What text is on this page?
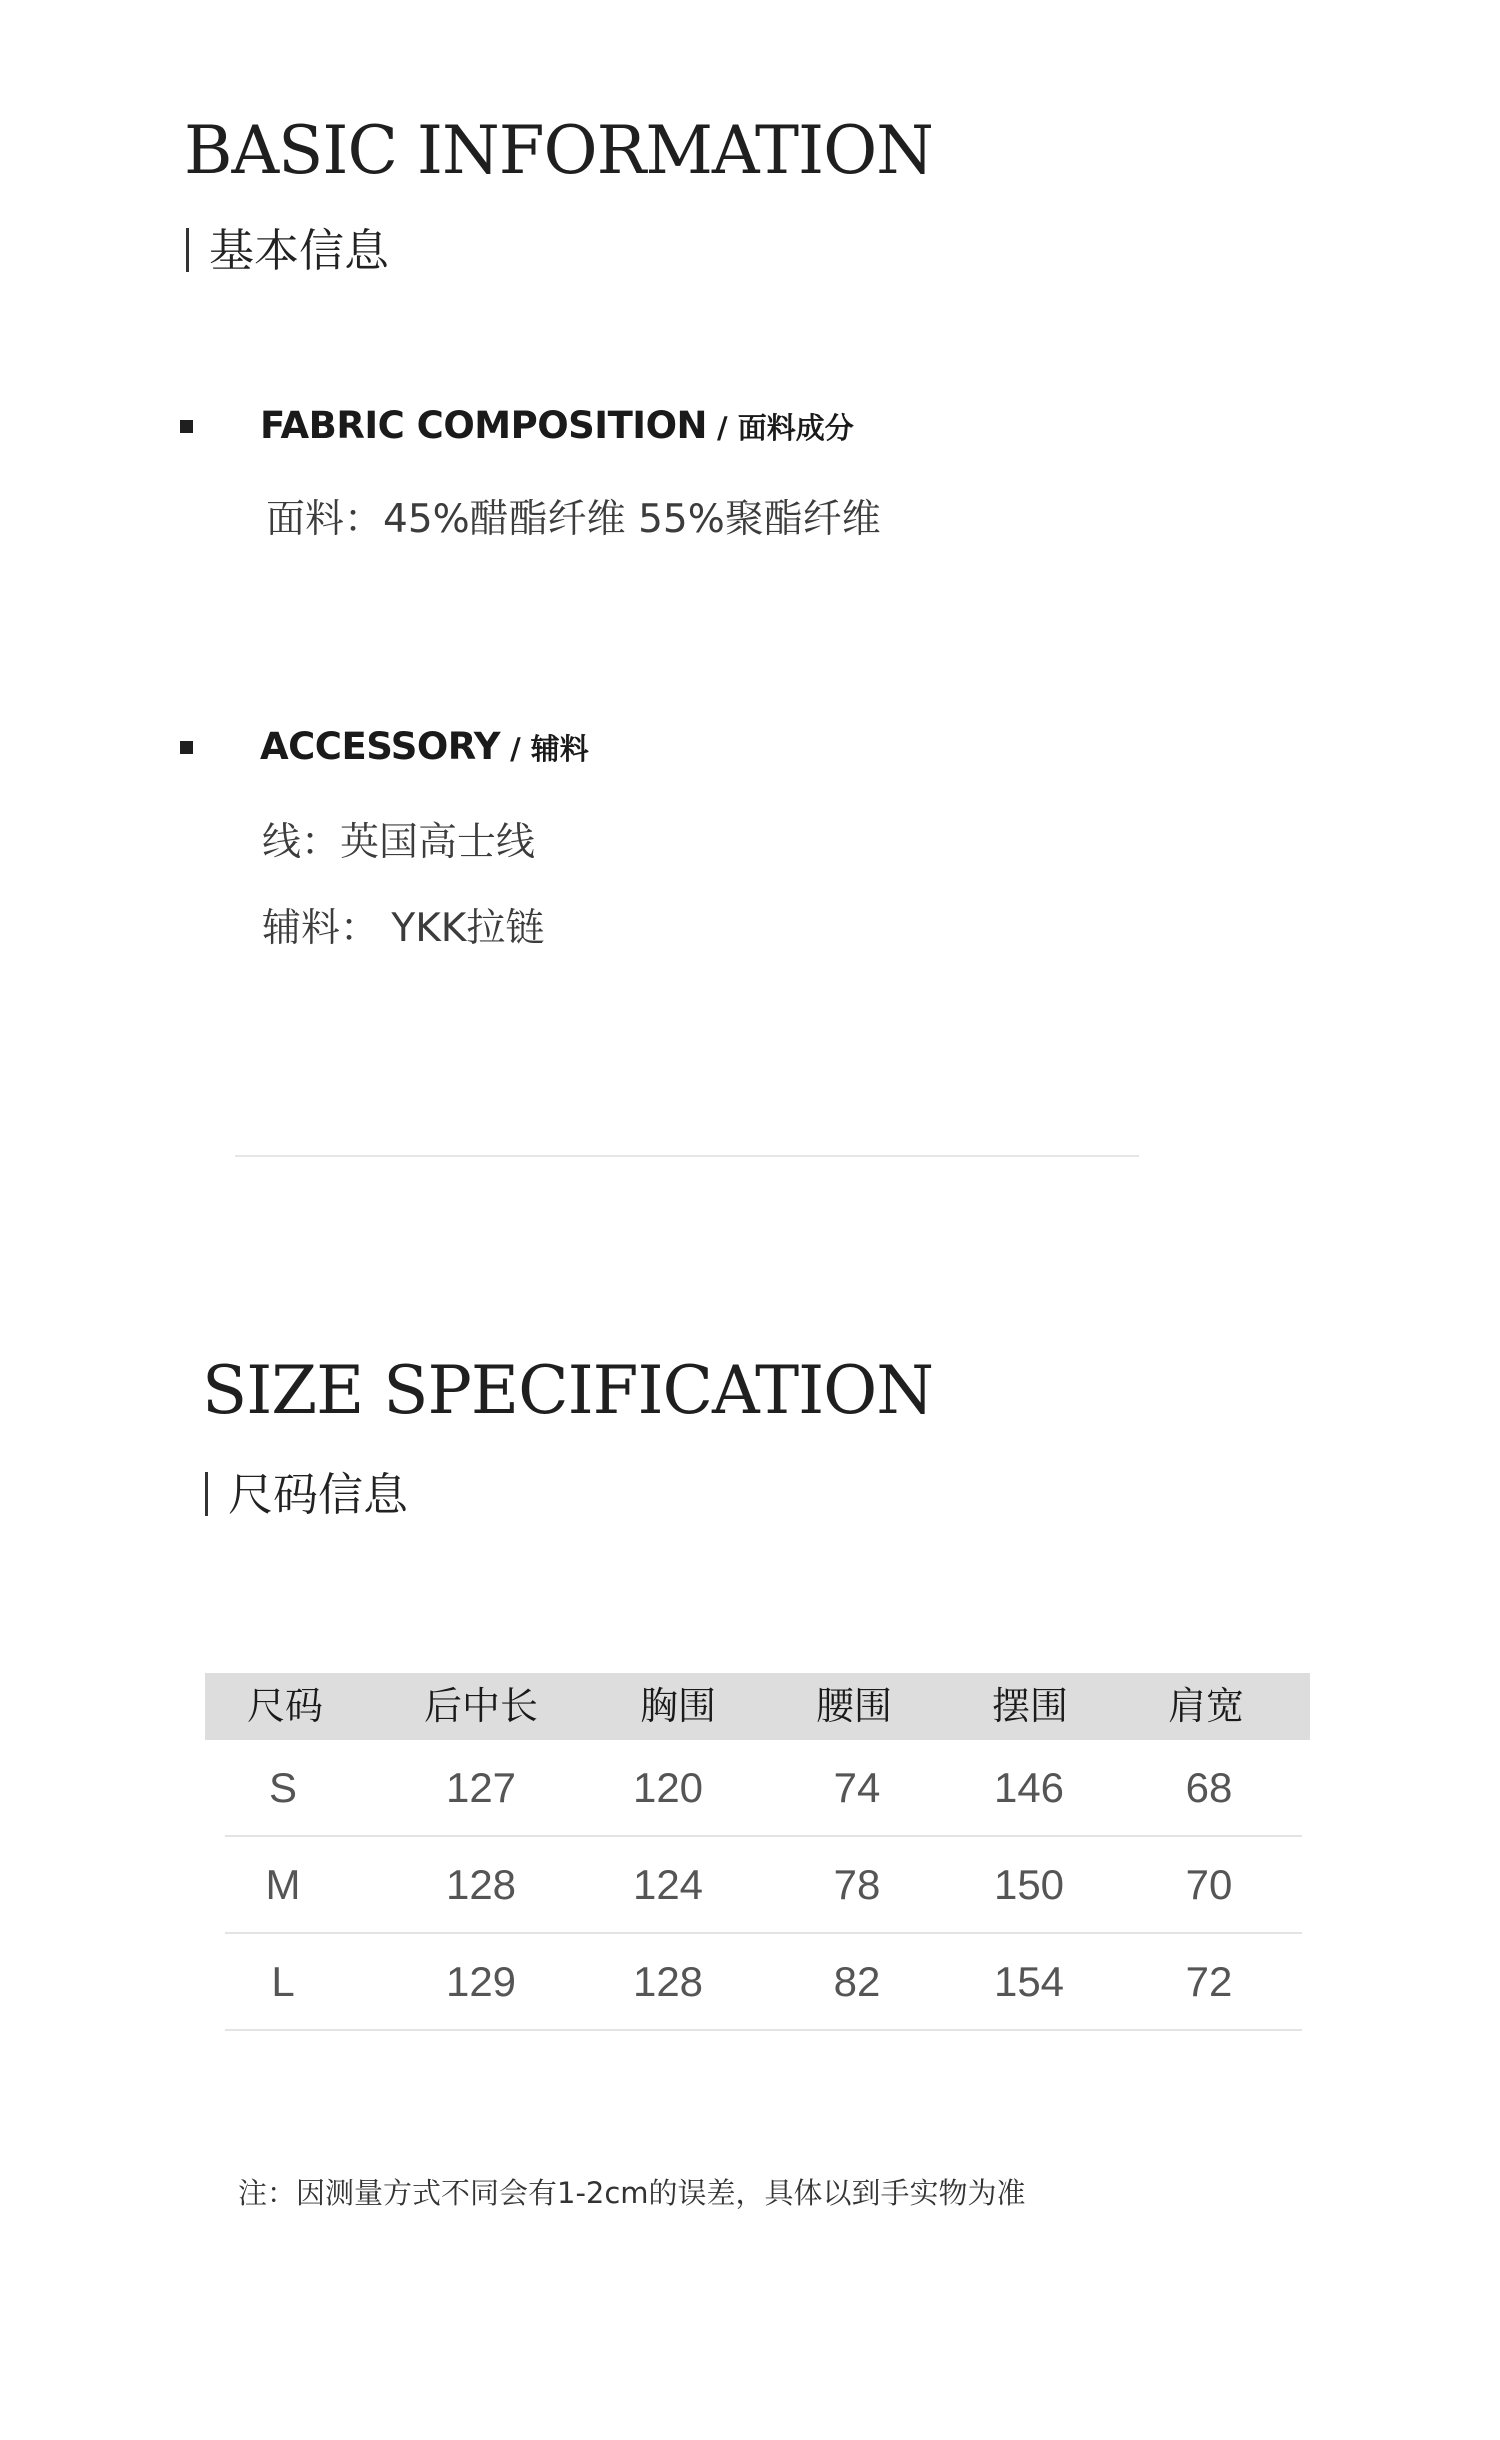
BASIC INFORMATION
基本信息
FABRIC COMPOSITION / 面料成分
面料：45%醋酯纤维 55%聚酯纤维
ACCESSORY / 辅料
线：英国高士线
辅料： YKK拉链
SIZE SPECIFICATION
尺码信息
尺码	后中长	胸围	腰围	摆围	肩宽
S	127	120	74	146	68
M	128	124	78	150	70
L	129	128	82	154	72
注：因测量方式不同会有1-2cm的误差，具体以到手实物为准
